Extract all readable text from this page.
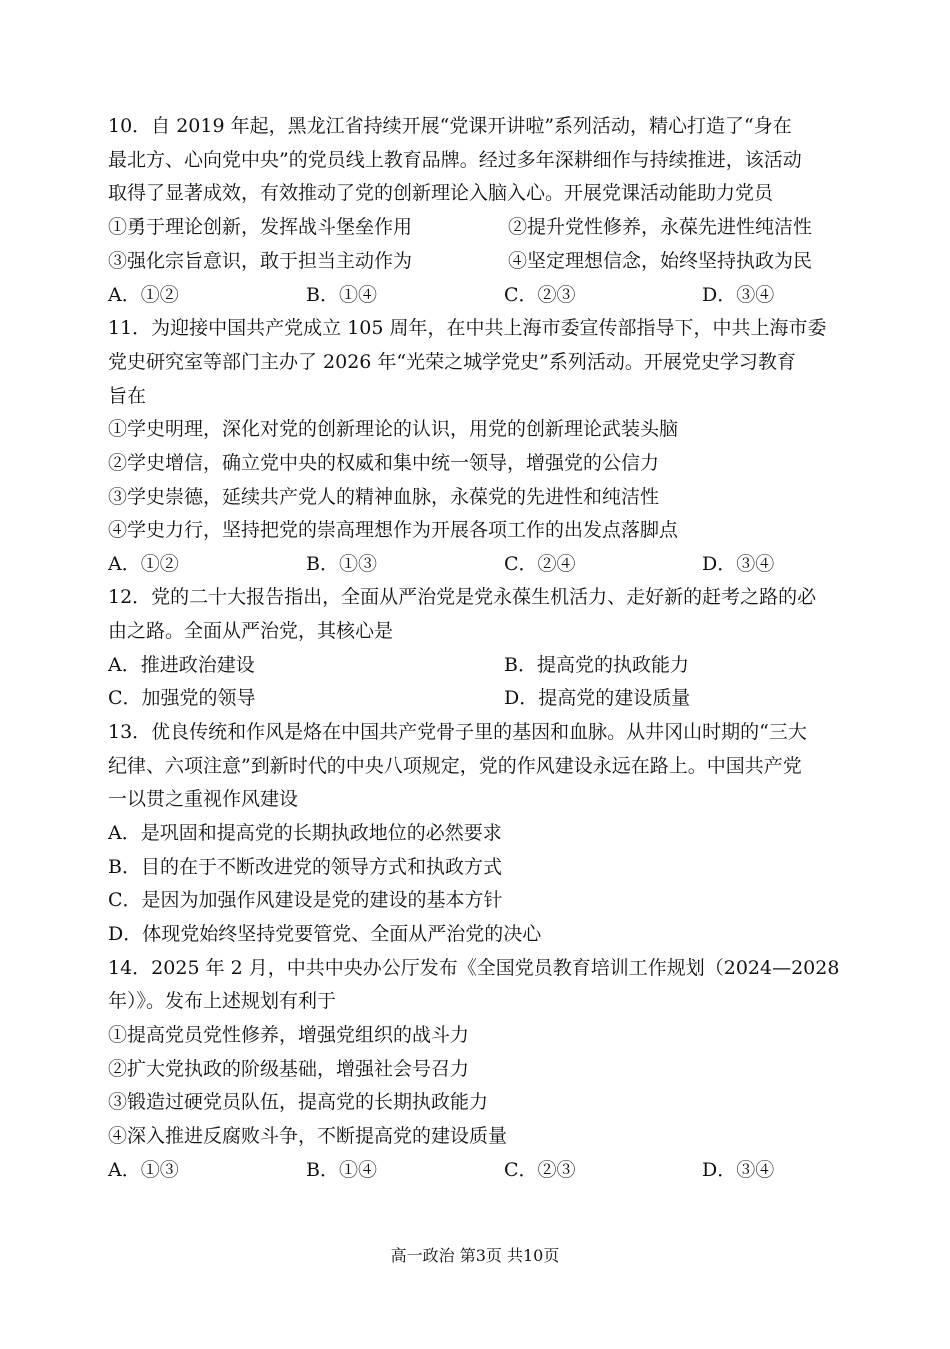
10．自 2019 年起，黑龙江省持续开展“党课开讲啦”系列活动，精心打造了“身在
最北方、心向党中央”的党员线上教育品牌。经过多年深耕细作与持续推进，该活动
取得了显著成效，有效推动了党的创新理论入脑入心。开展党课活动能助力党员
①勇于理论创新，发挥战斗堡垒作用	②提升党性修养，永葆先进性纯洁性
③强化宗旨意识，敢于担当主动作为	④坚定理想信念，始终坚持执政为民
A．①②	B．①④	C．②③	D．③④
11．为迎接中国共产党成立 105 周年，在中共上海市委宣传部指导下，中共上海市委
党史研究室等部门主办了 2026 年“光荣之城学党史”系列活动。开展党史学习教育
旨在
①学史明理，深化对党的创新理论的认识，用党的创新理论武装头脑
②学史增信，确立党中央的权威和集中统一领导，增强党的公信力
③学史崇德，延续共产党人的精神血脉，永葆党的先进性和纯洁性
④学史力行，坚持把党的崇高理想作为开展各项工作的出发点落脚点
A．①②	B．①③	C．②④	D．③④
12．党的二十大报告指出，全面从严治党是党永葆生机活力、走好新的赶考之路的必
由之路。全面从严治党，其核心是
A．推进政治建设	B．提高党的执政能力
C．加强党的领导	D．提高党的建设质量
13．优良传统和作风是烙在中国共产党骨子里的基因和血脉。从井冈山时期的“三大
纪律、六项注意”到新时代的中央八项规定，党的作风建设永远在路上。中国共产党
一以贯之重视作风建设
A．是巩固和提高党的长期执政地位的必然要求
B．目的在于不断改进党的领导方式和执政方式
C．是因为加强作风建设是党的建设的基本方针
D．体现党始终坚持党要管党、全面从严治党的决心
14．2025 年 2 月，中共中央办公厅发布《全国党员教育培训工作规划（2024—2028
年）》。发布上述规划有利于
①提高党员党性修养，增强党组织的战斗力
②扩大党执政的阶级基础，增强社会号召力
③锻造过硬党员队伍，提高党的长期执政能力
④深入推进反腐败斗争，不断提高党的建设质量
A．①③	B．①④	C．②③	D．③④
高一政治 第3页 共10页
